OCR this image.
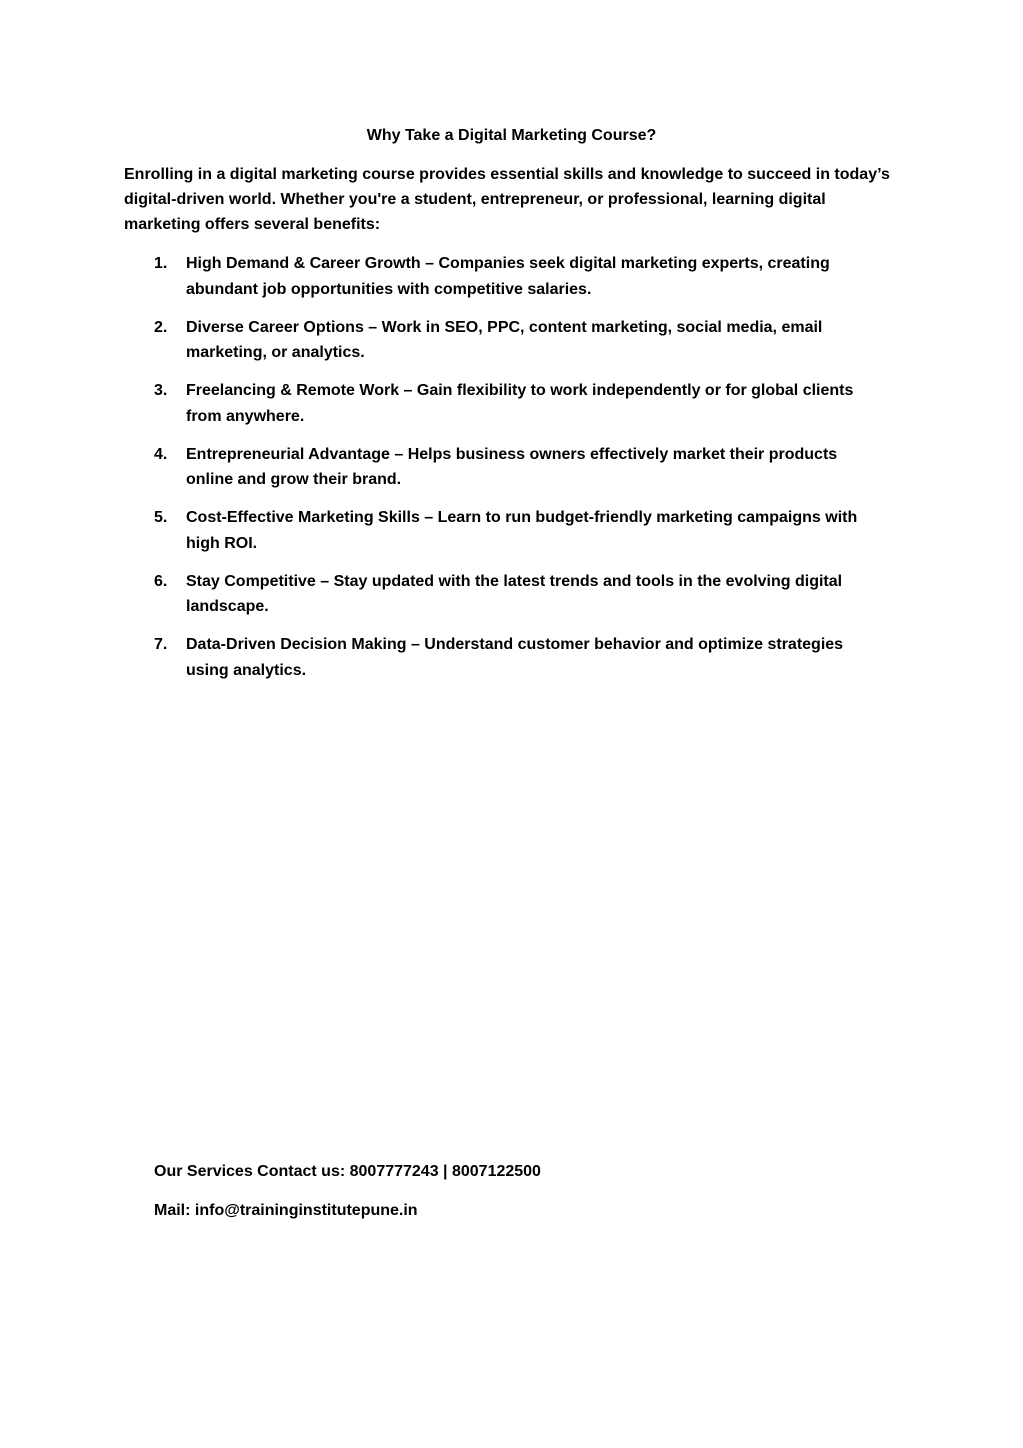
Why Take a Digital Marketing Course?

Enrolling in a digital marketing course provides essential skills and knowledge to succeed in today’s digital-driven world. Whether you're a student, entrepreneur, or professional, learning digital marketing offers several benefits:

1.	High Demand & Career Growth – Companies seek digital marketing experts, creating abundant job opportunities with competitive salaries.
2.	Diverse Career Options – Work in SEO, PPC, content marketing, social media, email marketing, or analytics.
3.	Freelancing & Remote Work – Gain flexibility to work independently or for global clients from anywhere.
4.	Entrepreneurial Advantage – Helps business owners effectively market their products online and grow their brand.
5.	Cost-Effective Marketing Skills – Learn to run budget-friendly marketing campaigns with high ROI.
6.	Stay Competitive – Stay updated with the latest trends and tools in the evolving digital landscape.
7.	Data-Driven Decision Making – Understand customer behavior and optimize strategies using analytics.

Our Services Contact us: 8007777243 | 8007122500

Mail: info@traininginstitutepune.in
